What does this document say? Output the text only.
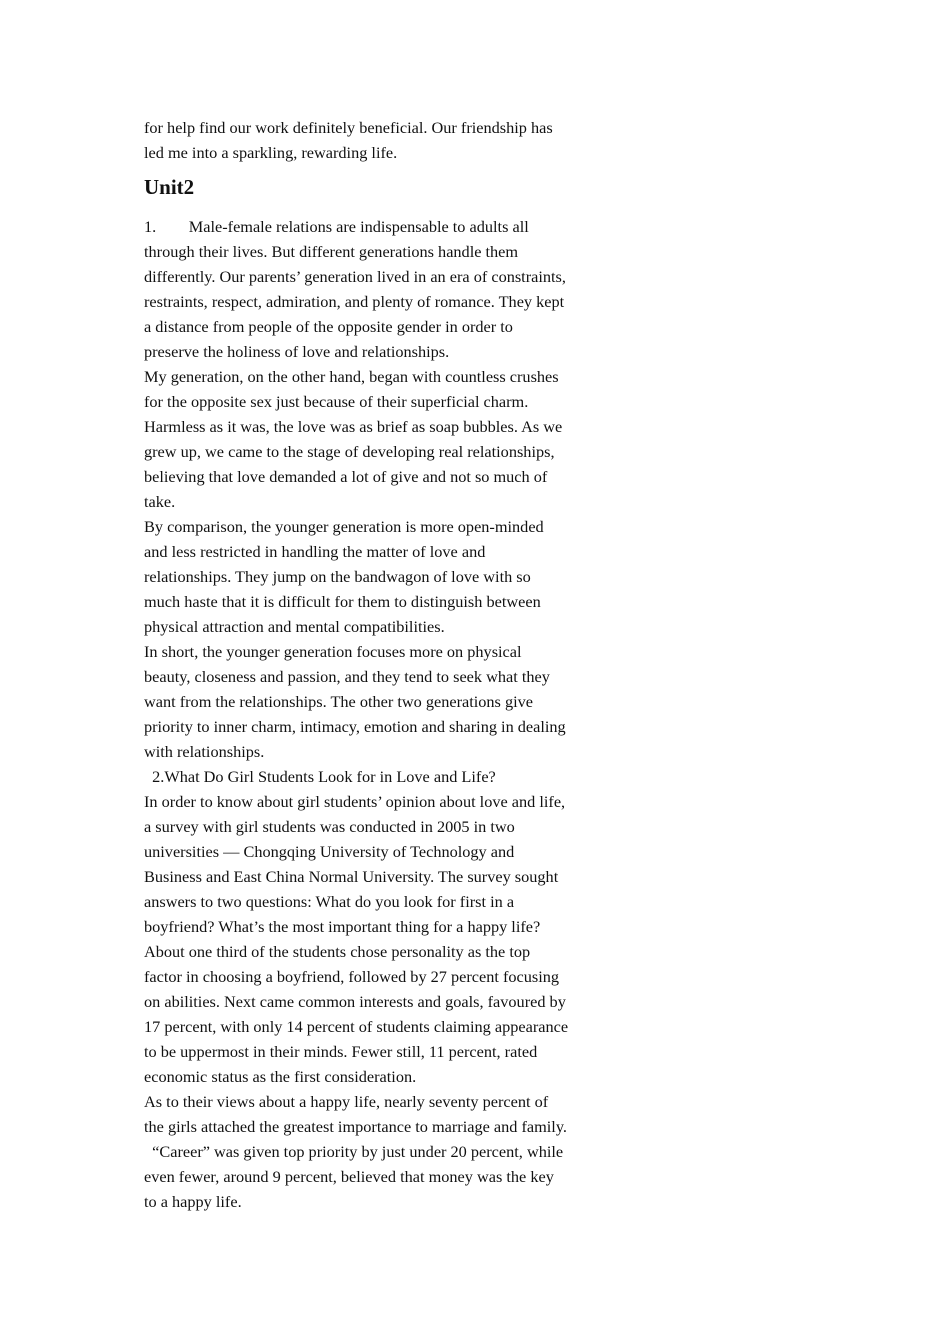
for help find our work definitely beneficial. Our friendship has
led me into a sparkling, rewarding life.
Unit2
1.        Male-female relations are indispensable to adults all
through their lives. But different generations handle them
differently. Our parents’ generation lived in an era of constraints,
restraints, respect, admiration, and plenty of romance. They kept
a distance from people of the opposite gender in order to
preserve the holiness of love and relationships.
My generation, on the other hand, began with countless crushes
for the opposite sex just because of their superficial charm.
Harmless as it was, the love was as brief as soap bubbles. As we
grew up, we came to the stage of developing real relationships,
believing that love demanded a lot of give and not so much of
take.
By comparison, the younger generation is more open-minded
and less restricted in handling the matter of love and
relationships. They jump on the bandwagon of love with so
much haste that it is difficult for them to distinguish between
physical attraction and mental compatibilities.
In short, the younger generation focuses more on physical
beauty, closeness and passion, and they tend to seek what they
want from the relationships. The other two generations give
priority to inner charm, intimacy, emotion and sharing in dealing
with relationships.
2.What Do Girl Students Look for in Love and Life?
In order to know about girl students’ opinion about love and life,
a survey with girl students was conducted in 2005 in two
universities — Chongqing University of Technology and
Business and East China Normal University. The survey sought
answers to two questions: What do you look for first in a
boyfriend? What’s the most important thing for a happy life?
About one third of the students chose personality as the top
factor in choosing a boyfriend, followed by 27 percent focusing
on abilities. Next came common interests and goals, favoured by
17 percent, with only 14 percent of students claiming appearance
to be uppermost in their minds. Fewer still, 11 percent, rated
economic status as the first consideration.
As to their views about a happy life, nearly seventy percent of
the girls attached the greatest importance to marriage and family.
“Career” was given top priority by just under 20 percent, while
even fewer, around 9 percent, believed that money was the key
to a happy life.
